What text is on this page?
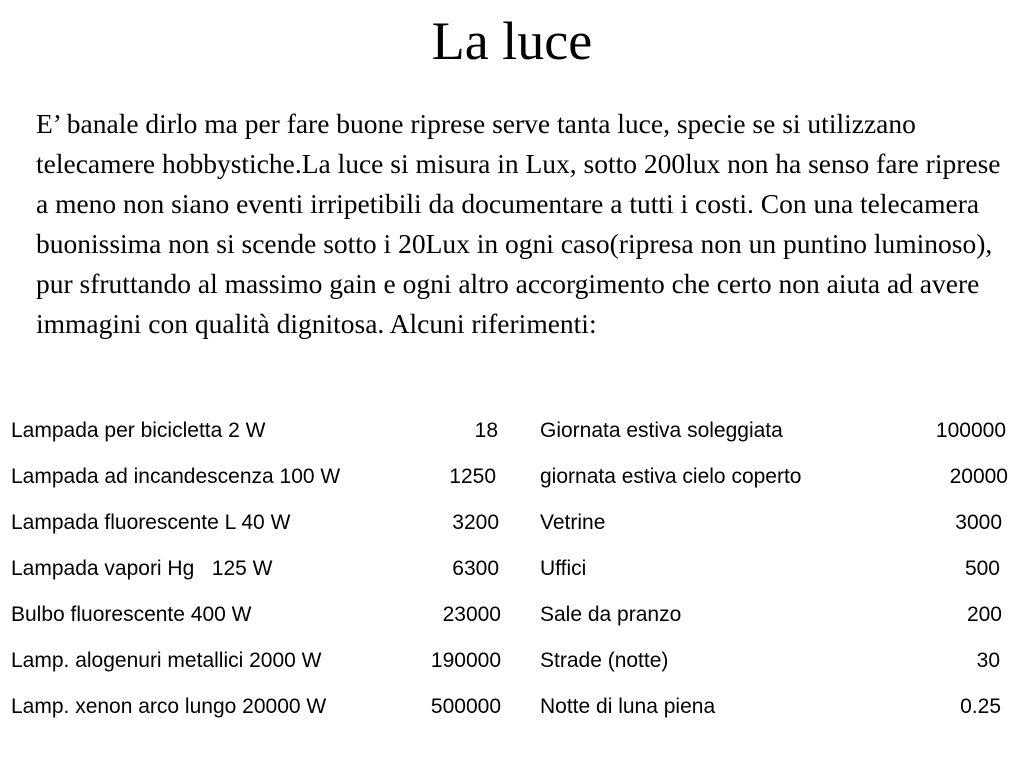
La luce

E’ banale dirlo ma per fare buone riprese serve tanta luce, specie se si utilizzano telecamere hobbystiche.La luce si misura in Lux, sotto 200lux non ha senso fare riprese a meno non siano eventi irripetibili da documentare a tutti i costi. Con una telecamera buonissima non si scende sotto i 20Lux in ogni caso(ripresa non un puntino luminoso), pur sfruttando al massimo gain e ogni altro accorgimento che certo non aiuta ad avere immagini con qualità dignitosa. Alcuni riferimenti:

Lampada per bicicletta 2 W	18
Lampada ad incandescenza 100 W	1250
Lampada fluorescente L 40 W	3200
Lampada vapori Hg   125 W	6300
Bulbo fluorescente 400 W	23000
Lamp. alogenuri metallici 2000 W	190000
Lamp. xenon arco lungo 20000 W	500000
Giornata estiva soleggiata	100000
giornata estiva cielo coperto	20000
Vetrine	3000
Uffici	500
Sale da pranzo	200
Strade (notte)	30
Notte di luna piena	0.25
